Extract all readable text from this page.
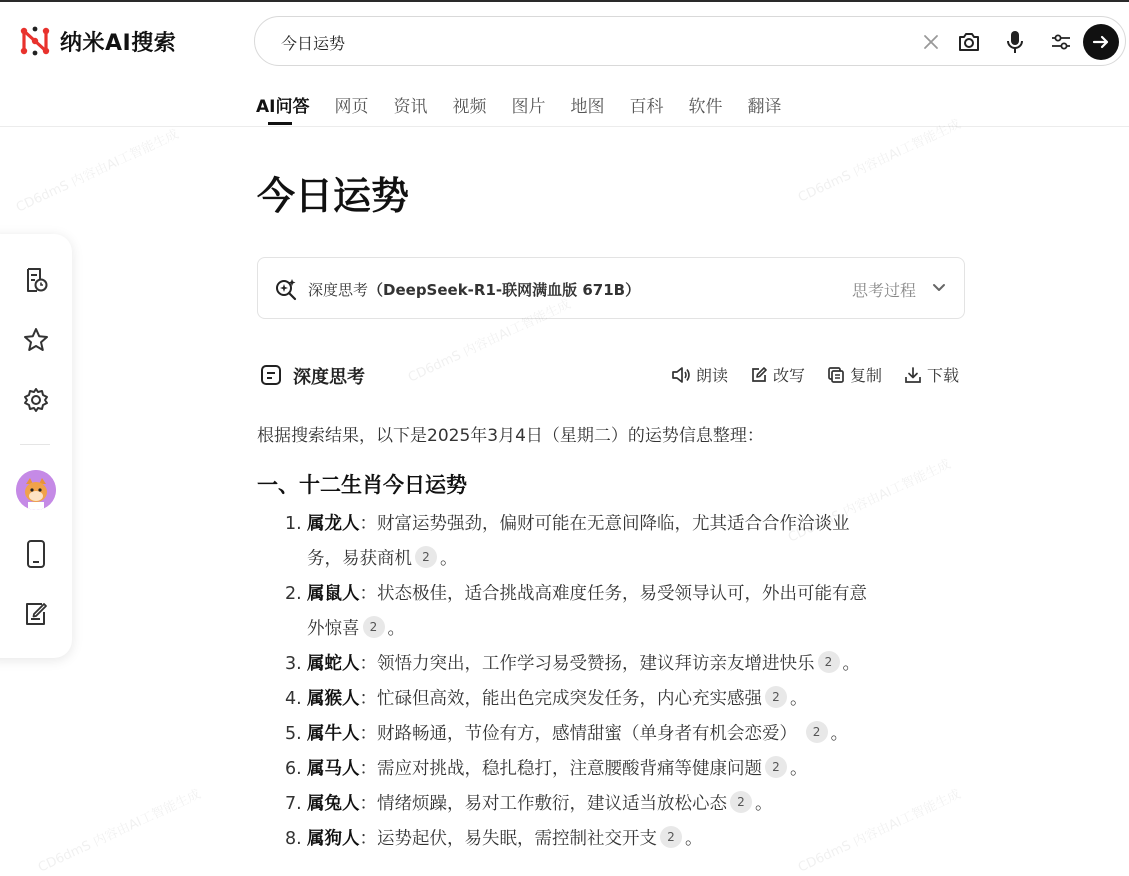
纳米AI搜索
今日运势
AI问答 网页 资讯 视频 图片 地图 百科 软件 翻译
今日运势
深度思考（DeepSeek-R1-联网满血版 671B）	思考过程
深度思考	朗读	改写	复制	下载
根据搜索结果，以下是2025年3月4日（星期二）的运势信息整理：
一、十二生肖今日运势
1. 属龙人：财富运势强劲，偏财可能在无意间降临，尤其适合合作洽谈业
务，易获商机 2 。
2. 属鼠人：状态极佳，适合挑战高难度任务，易受领导认可，外出可能有意
外惊喜 2 。
3. 属蛇人：领悟力突出，工作学习易受赞扬，建议拜访亲友增进快乐 2 。
4. 属猴人：忙碌但高效，能出色完成突发任务，内心充实感强 2 。
5. 属牛人：财路畅通，节俭有方，感情甜蜜（单身者有机会恋爱） 2 。
6. 属马人：需应对挑战，稳扎稳打，注意腰酸背痛等健康问题 2 。
7. 属兔人：情绪烦躁，易对工作敷衍，建议适当放松心态 2 。
8. 属狗人：运势起伏，易失眠，需控制社交开支 2 。
CD6dmS 内容由AI工智能生成	CD6dmS 内容由AI工智能生成
CD6dmS 内容由AI工智能生成
CD6dmS 内容由AI工智能生成
CD6dmS 内容由AI工智能生成	CD6dmS 内容由AI工智能生成
